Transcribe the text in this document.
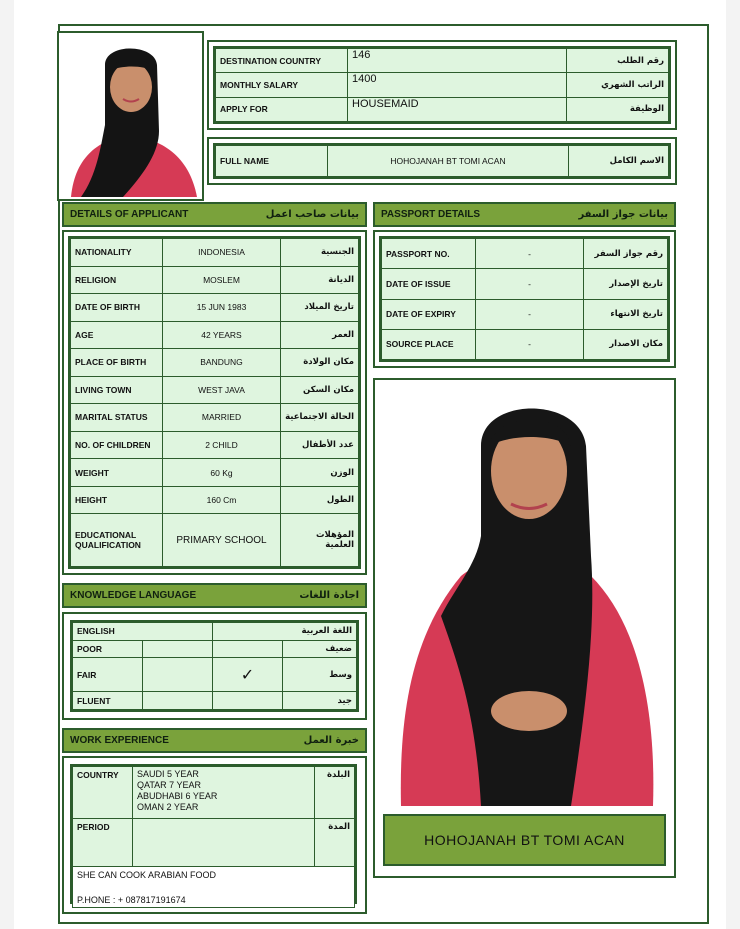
DESTINATION COUNTRY	146	رقم الطلب
MONTHLY SALARY	1400	الراتب الشهري
APPLY FOR	HOUSEMAID	الوظيفة
FULL NAME	HOHOJANAH BT TOMI ACAN	الاسم الكامل
DETAILS OF APPLICANT	بيانات صاحب اعمل
NATIONALITY	INDONESIA	الجنسية
RELIGION	MOSLEM	الديانة
DATE OF BIRTH	15 JUN 1983	تاريخ الميلاد
AGE	42 YEARS	العمر
PLACE OF BIRTH	BANDUNG	مكان الولادة
LIVING TOWN	WEST JAVA	مكان السكن
MARITAL STATUS	MARRIED	الحالة الاجتماعية
NO. OF CHILDREN	2 CHILD	عدد الأطفال
WEIGHT	60 Kg	الوزن
HEIGHT	160 Cm	الطول
EDUCATIONAL QUALIFICATION	PRIMARY SCHOOL	المؤهلات العلمية
PASSPORT DETAILS	بيانات جواز السفر
PASSPORT NO.	-	رقم جواز السفر
DATE OF ISSUE	-	تاريخ الإصدار
DATE OF EXPIRY	-	تاريخ الانتهاء
SOURCE PLACE	-	مكان الاصدار
HOHOJANAH BT TOMI ACAN
KNOWLEDGE LANGUAGE	اجادة اللغات
ENGLISH		اللغة العربية	
POOR			ضعيف
FAIR		✓	وسط
FLUENT			جيد
WORK EXPERIENCE	خبرة العمل
COUNTRY	SAUDI 5 YEAR
QATAR 7 YEAR
ABUDHABI 6 YEAR
OMAN 2 YEAR	البلدة
PERIOD		المدة

SHE CAN COOK ARABIAN FOOD
P.HONE : + 087817191674		
